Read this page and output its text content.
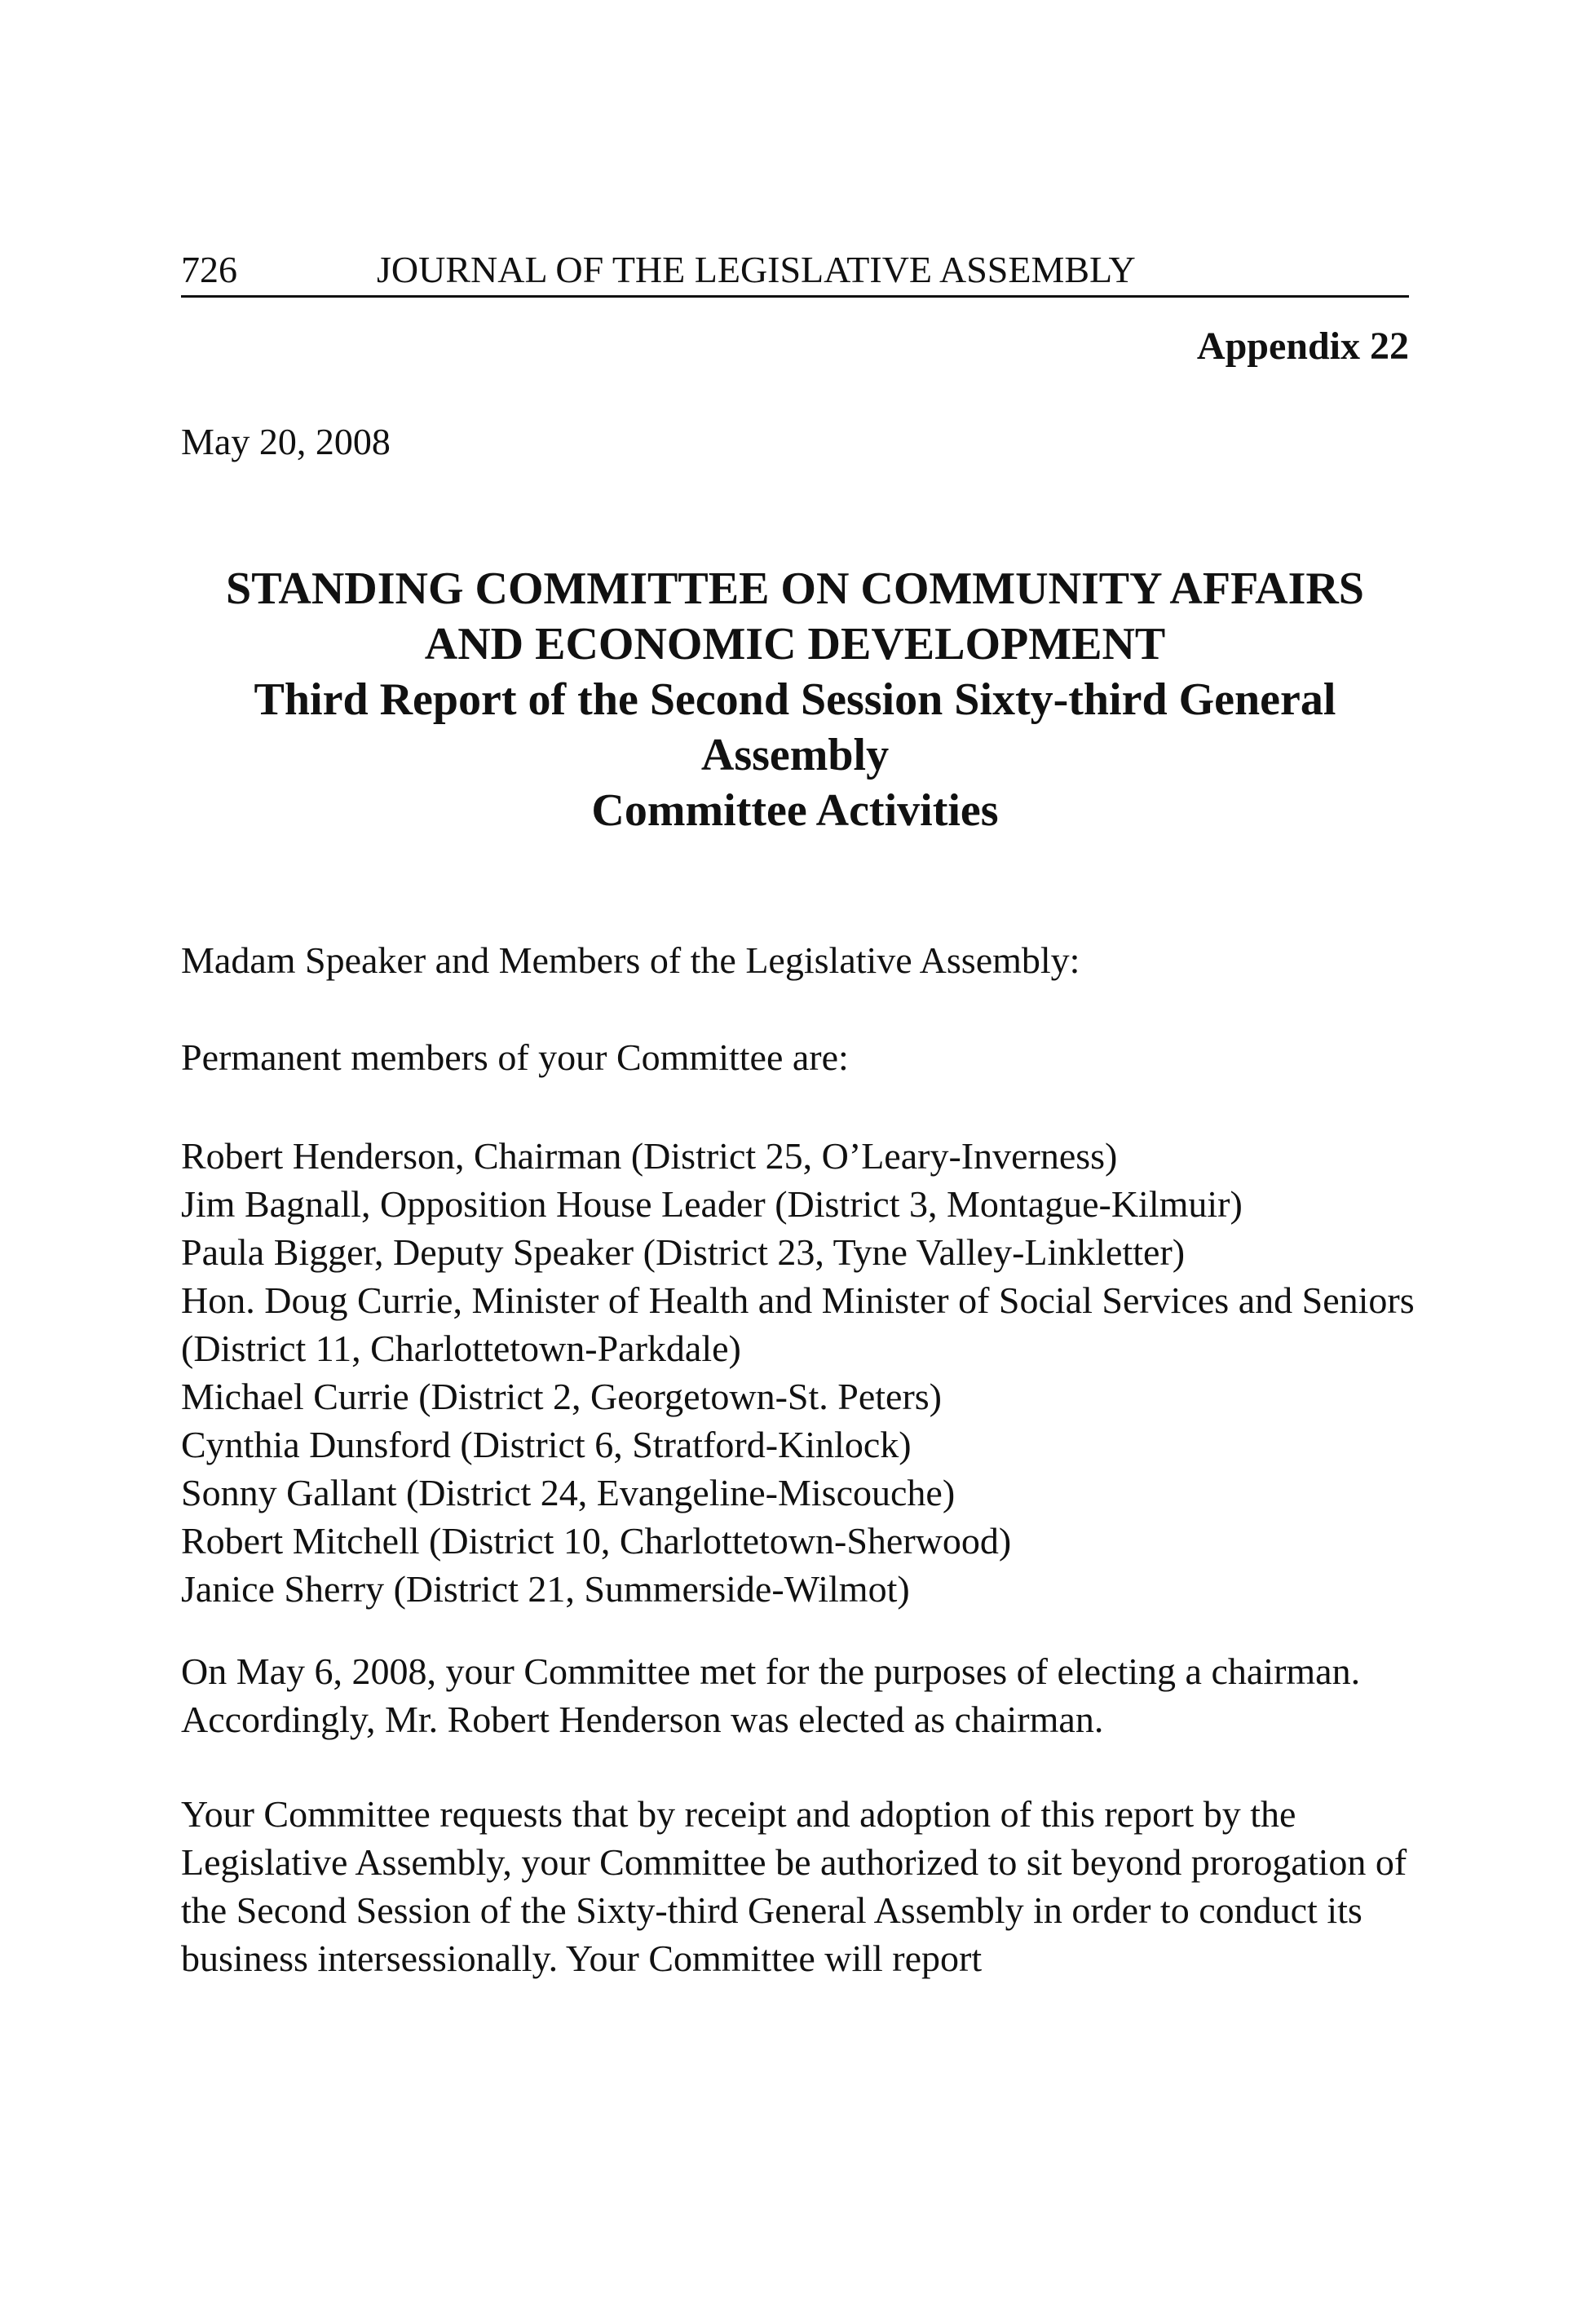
726	JOURNAL OF THE LEGISLATIVE ASSEMBLY
Appendix 22
May 20, 2008
STANDING COMMITTEE ON COMMUNITY AFFAIRS
AND ECONOMIC DEVELOPMENT
Third Report of the Second Session Sixty-third General
Assembly
Committee Activities

Madam Speaker and Members of the Legislative Assembly:

Permanent members of your Committee are:

Robert Henderson, Chairman (District 25, O’Leary-Inverness)
Jim Bagnall, Opposition House Leader (District 3, Montague-Kilmuir)
Paula Bigger, Deputy Speaker (District 23, Tyne Valley-Linkletter)
Hon. Doug Currie, Minister of Health and Minister of Social Services and Seniors (District 11, Charlottetown-Parkdale)
Michael Currie (District 2, Georgetown-St. Peters)
Cynthia Dunsford (District 6, Stratford-Kinlock)
Sonny Gallant (District 24, Evangeline-Miscouche)
Robert Mitchell (District 10, Charlottetown-Sherwood)
Janice Sherry (District 21, Summerside-Wilmot)

On May 6, 2008, your Committee met for the purposes of electing a chairman. Accordingly, Mr. Robert Henderson was elected as chairman.

Your Committee requests that by receipt and adoption of this report by the Legislative Assembly, your Committee be authorized to sit beyond prorogation of the Second Session of the Sixty-third General Assembly in order to conduct its business intersessionally. Your Committee will report
